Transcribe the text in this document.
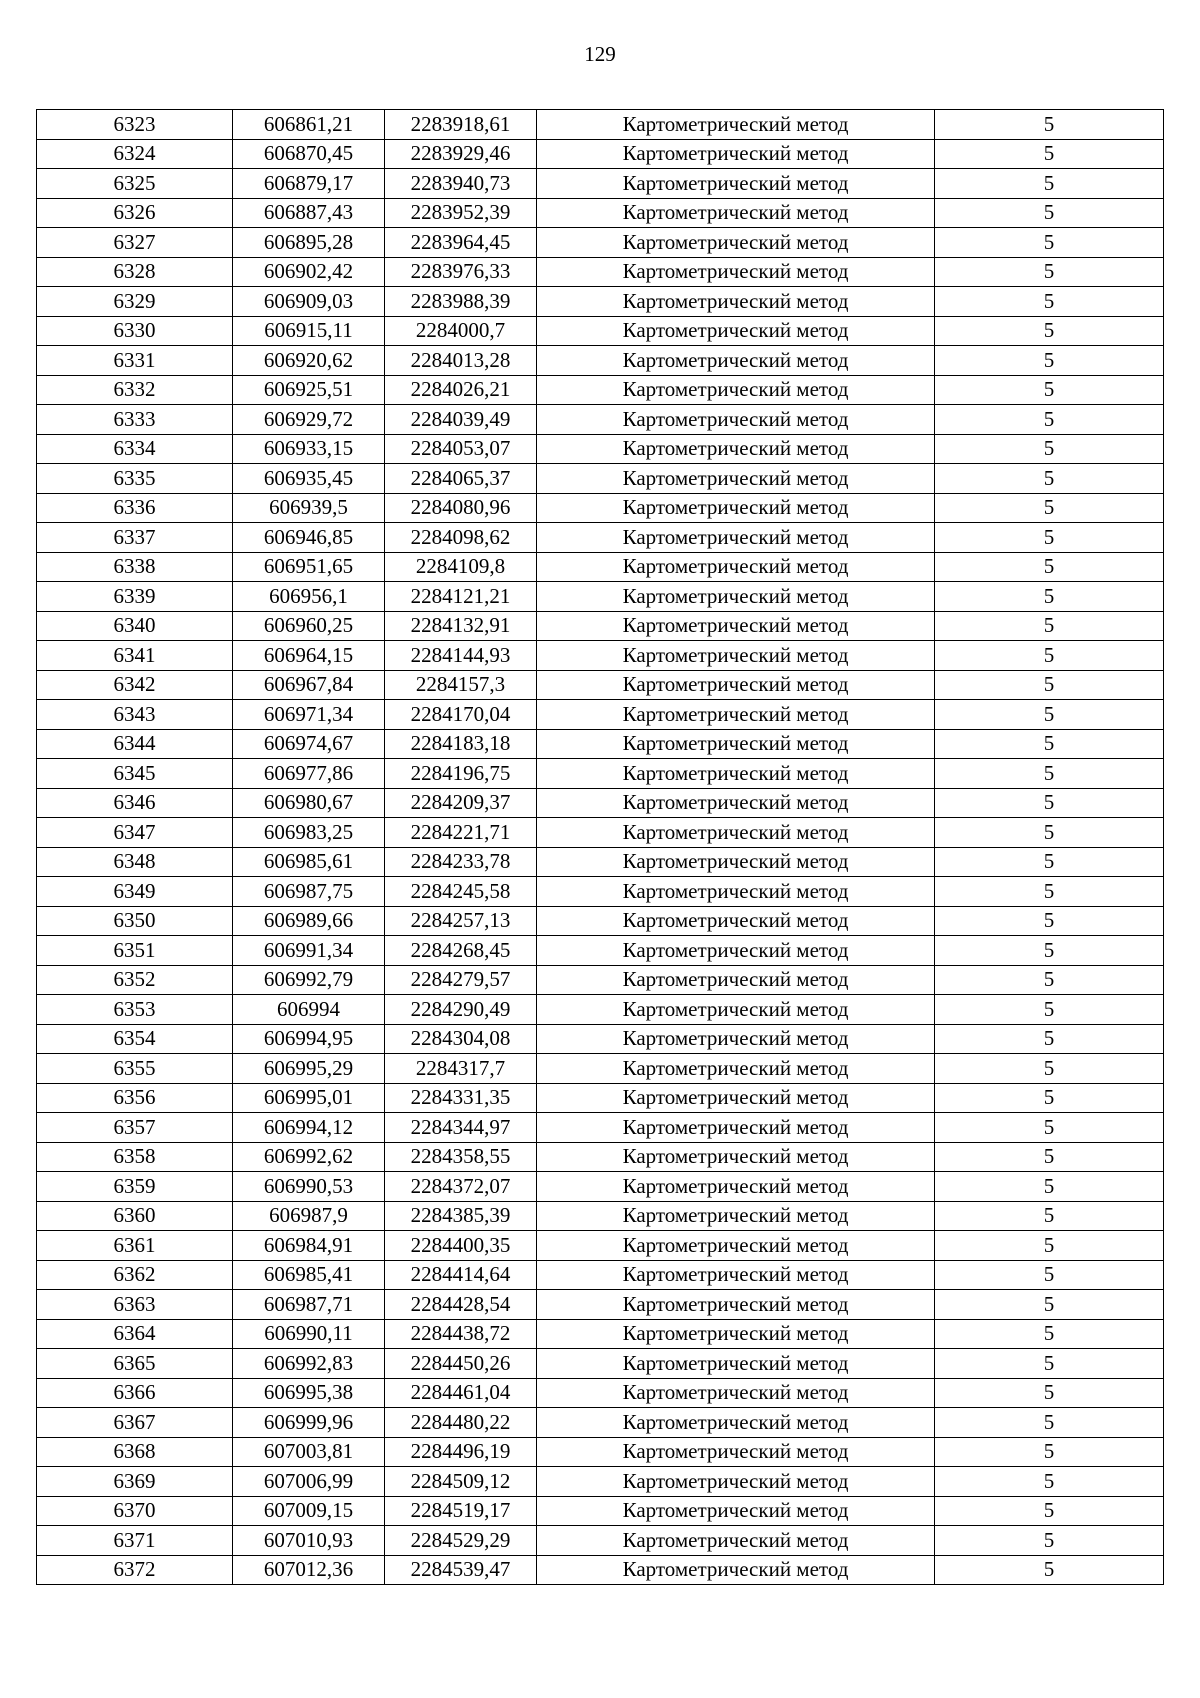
129
6323	606861,21	2283918,61	Картометрический метод	5
6324	606870,45	2283929,46	Картометрический метод	5
6325	606879,17	2283940,73	Картометрический метод	5
6326	606887,43	2283952,39	Картометрический метод	5
6327	606895,28	2283964,45	Картометрический метод	5
6328	606902,42	2283976,33	Картометрический метод	5
6329	606909,03	2283988,39	Картометрический метод	5
6330	606915,11	2284000,7	Картометрический метод	5
6331	606920,62	2284013,28	Картометрический метод	5
6332	606925,51	2284026,21	Картометрический метод	5
6333	606929,72	2284039,49	Картометрический метод	5
6334	606933,15	2284053,07	Картометрический метод	5
6335	606935,45	2284065,37	Картометрический метод	5
6336	606939,5	2284080,96	Картометрический метод	5
6337	606946,85	2284098,62	Картометрический метод	5
6338	606951,65	2284109,8	Картометрический метод	5
6339	606956,1	2284121,21	Картометрический метод	5
6340	606960,25	2284132,91	Картометрический метод	5
6341	606964,15	2284144,93	Картометрический метод	5
6342	606967,84	2284157,3	Картометрический метод	5
6343	606971,34	2284170,04	Картометрический метод	5
6344	606974,67	2284183,18	Картометрический метод	5
6345	606977,86	2284196,75	Картометрический метод	5
6346	606980,67	2284209,37	Картометрический метод	5
6347	606983,25	2284221,71	Картометрический метод	5
6348	606985,61	2284233,78	Картометрический метод	5
6349	606987,75	2284245,58	Картометрический метод	5
6350	606989,66	2284257,13	Картометрический метод	5
6351	606991,34	2284268,45	Картометрический метод	5
6352	606992,79	2284279,57	Картометрический метод	5
6353	606994	2284290,49	Картометрический метод	5
6354	606994,95	2284304,08	Картометрический метод	5
6355	606995,29	2284317,7	Картометрический метод	5
6356	606995,01	2284331,35	Картометрический метод	5
6357	606994,12	2284344,97	Картометрический метод	5
6358	606992,62	2284358,55	Картометрический метод	5
6359	606990,53	2284372,07	Картометрический метод	5
6360	606987,9	2284385,39	Картометрический метод	5
6361	606984,91	2284400,35	Картометрический метод	5
6362	606985,41	2284414,64	Картометрический метод	5
6363	606987,71	2284428,54	Картометрический метод	5
6364	606990,11	2284438,72	Картометрический метод	5
6365	606992,83	2284450,26	Картометрический метод	5
6366	606995,38	2284461,04	Картометрический метод	5
6367	606999,96	2284480,22	Картометрический метод	5
6368	607003,81	2284496,19	Картометрический метод	5
6369	607006,99	2284509,12	Картометрический метод	5
6370	607009,15	2284519,17	Картометрический метод	5
6371	607010,93	2284529,29	Картометрический метод	5
6372	607012,36	2284539,47	Картометрический метод	5
